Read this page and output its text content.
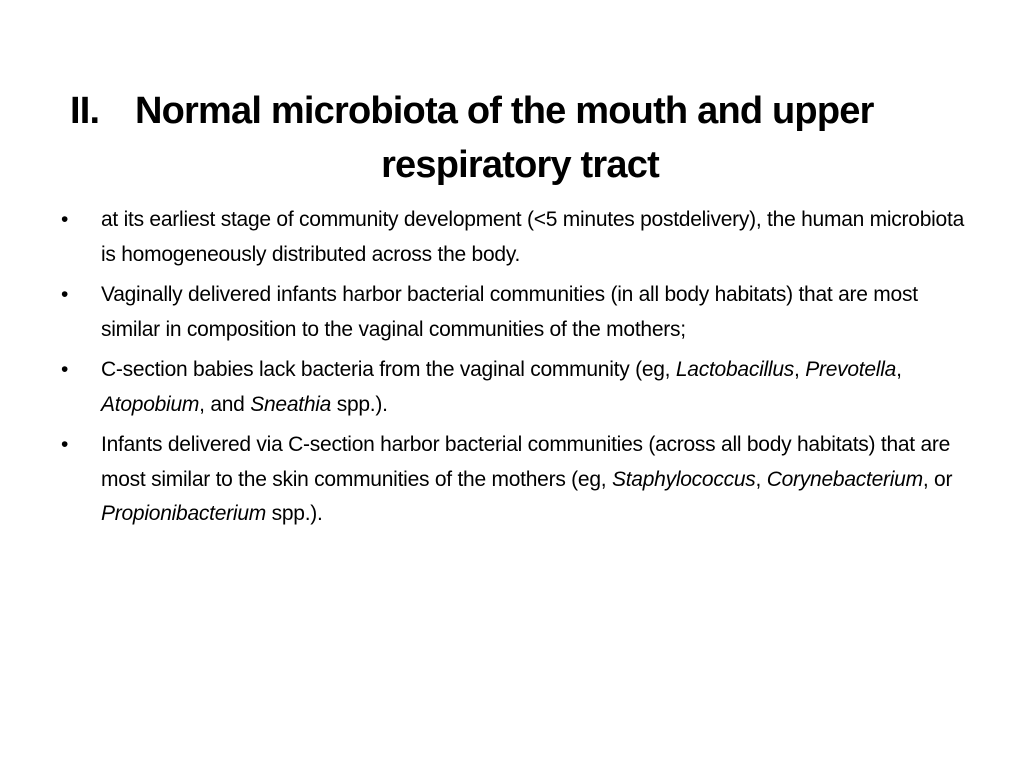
II. Normal microbiota of the mouth and upper
respiratory tract
•	at its earliest stage of community development (<5 minutes postdelivery), the human microbiota is homogeneously distributed across the body.
•	Vaginally delivered infants harbor bacterial communities (in all body habitats) that are most similar in composition to the vaginal communities of the mothers;
•	C-section babies lack bacteria from the vaginal community (eg, Lactobacillus, Prevotella, Atopobium, and Sneathia spp.).
•	Infants delivered via C-section harbor bacterial communities (across all body habitats) that are most similar to the skin communities of the mothers (eg, Staphylococcus, Corynebacterium, or Propionibacterium spp.).
